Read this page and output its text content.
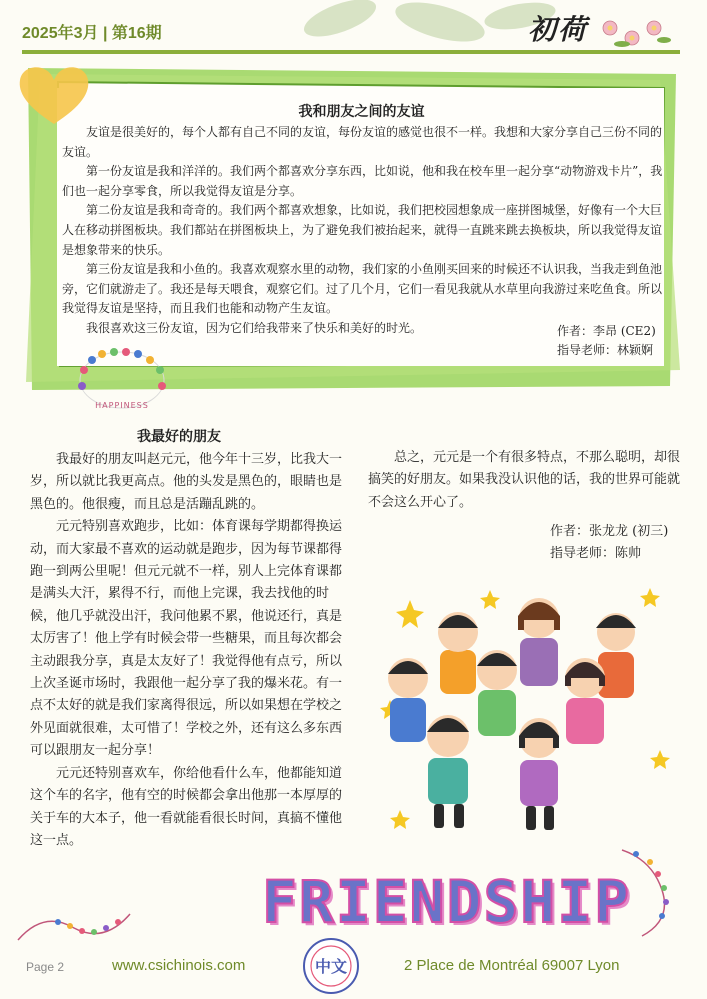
2025年3月 | 第16期	初荷
我和朋友之间的友谊

友谊是很美好的，每个人都有自己不同的友谊，每份友谊的感觉也很不一样。我想和大家分享自己三份不同的友谊。

第一份友谊是我和洋洋的。我们两个都喜欢分享东西，比如说，他和我在校车里一起分享“动物游戏卡片”，我们也一起分享零食，所以我觉得友谊是分享。

第二份友谊是我和奇奇的。我们两个都喜欢想象，比如说，我们把校园想象成一座拼图城堡，好像有一个大巨人在移动拼图板块。我们都站在拼图板块上，为了避免我们被抬起来，就得一直跳来跳去换板块，所以我觉得友谊是想象带来的快乐。

第三份友谊是我和小鱼的。我喜欢观察水里的动物，我们家的小鱼刚买回来的时候还不认识我，当我走到鱼池旁，它们就游走了。我还是每天喂食，观察它们。过了几个月，它们一看见我就从水草里向我游过来吃鱼食。所以我觉得友谊是坚持，而且我们也能和动物产生友谊。

我很喜欢这三份友谊，因为它们给我带来了快乐和美好的时光。	作者：李昂 (CE2)
指导老师：林颖婀
HAPPINESS
我最好的朋友

我最好的朋友叫赵元元，他今年十三岁，比我大一岁，所以就比我更高点。他的头发是黑色的，眼睛也是黑色的。他很瘦，而且总是活蹦乱跳的。

元元特别喜欢跑步，比如：体育课每学期都得换运动，而大家最不喜欢的运动就是跑步，因为每节课都得跑一到两公里呢！但元元就不一样，别人上完体育课都是满头大汗，累得不行，而他上完课，我去找他的时候，他几乎就没出汗，我问他累不累，他说还行，真是太厉害了！他上学有时候会带一些糖果，而且每次都会主动跟我分享，真是太友好了！我觉得他有点亏，所以上次圣诞市场时，我跟他一起分享了我的爆米花。有一点不太好的就是我们家离得很远，所以如果想在学校之外见面就很难，太可惜了！学校之外，还有这么多东西可以跟朋友一起分享！

元元还特别喜欢车，你给他看什么车，他都能知道这个车的名字，他有空的时候都会拿出他那一本厚厚的关于车的大本子，他一看就能看很长时间，真搞不懂他这一点。

总之，元元是一个有很多特点，不那么聪明，却很搞笑的好朋友。如果我没认识他的话，我的世界可能就不会这么开心了。

作者：张龙龙 (初三)
指导老师：陈帅
FRIENDSHIP
Page 2	www.csichinois.com	中文	2 Place de Montréal 69007 Lyon
